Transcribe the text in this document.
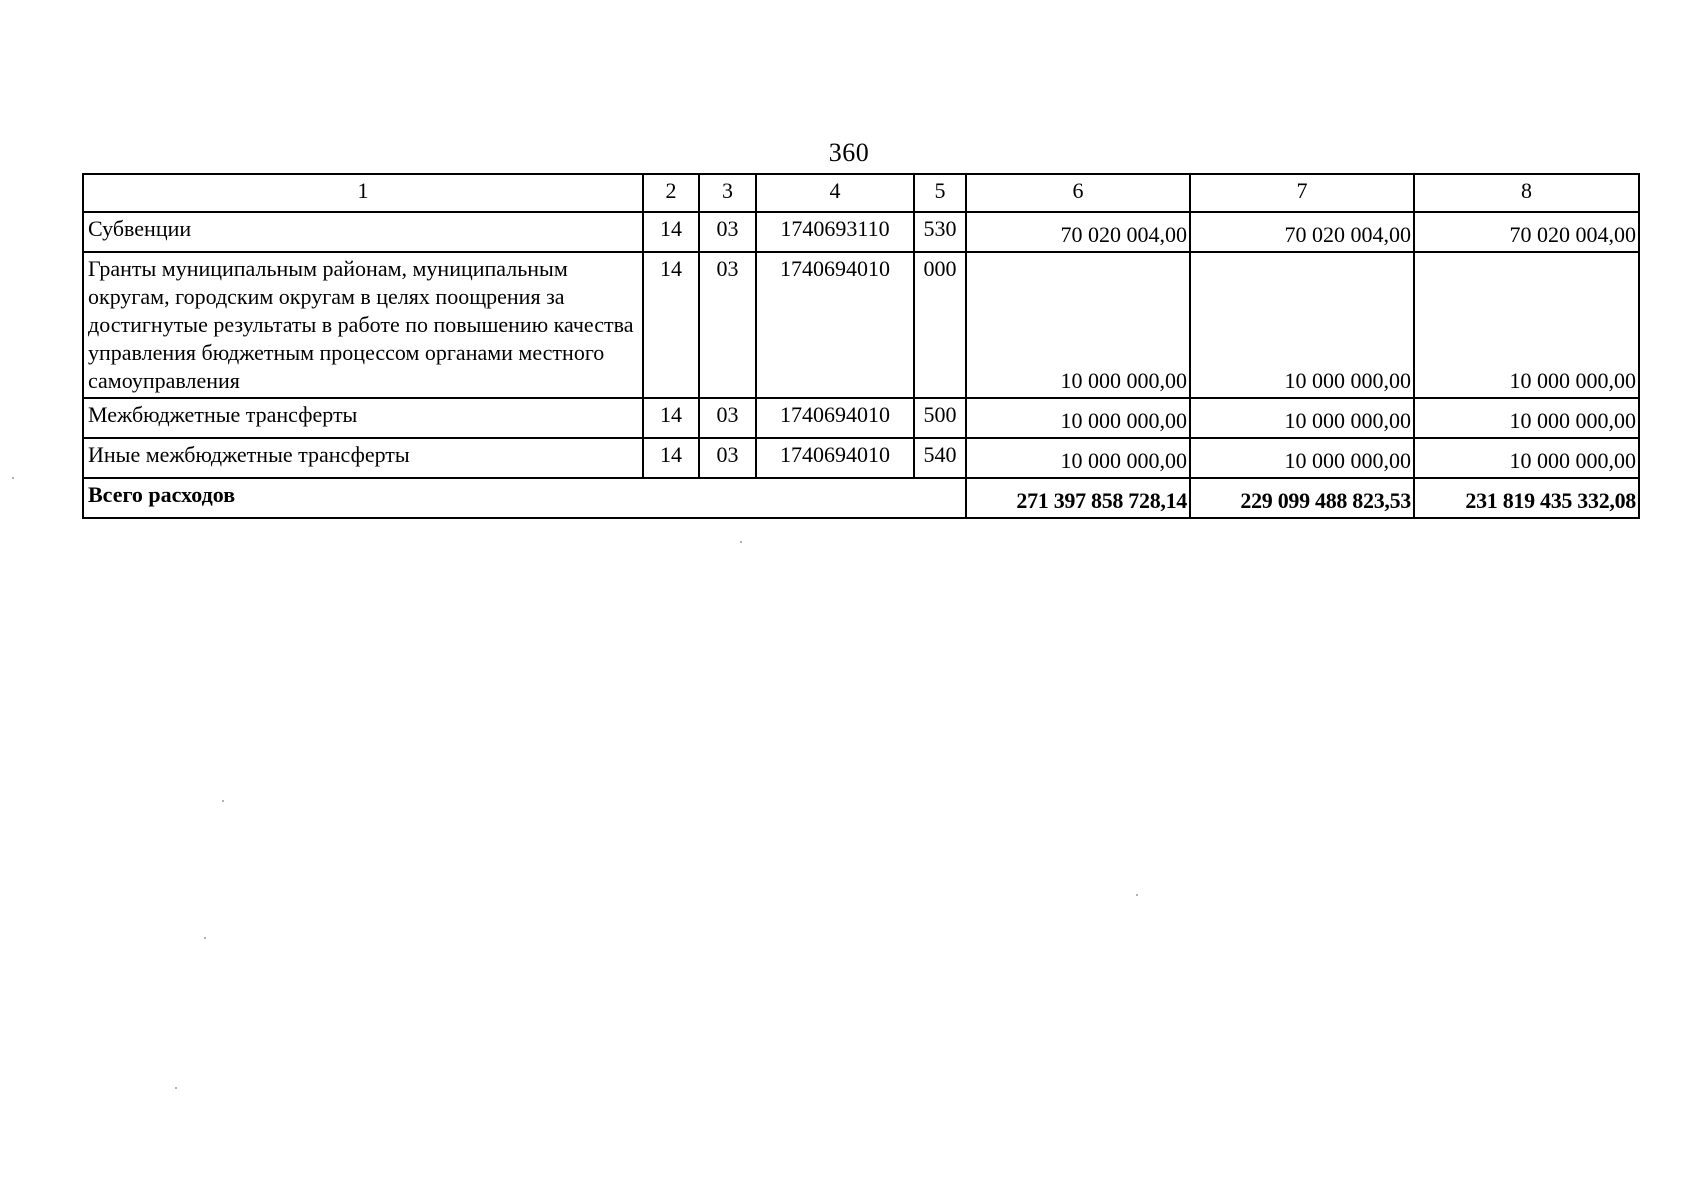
360
1	2	3	4	5	6	7	8
Субвенции	14	03	1740693110	530	70 020 004,00	70 020 004,00	70 020 004,00
Гранты муниципальным районам, муниципальным округам, городским округам в целях поощрения за достигнутые результаты в работе по повышению качества управления бюджетным процессом органами местного самоуправления	14	03	1740694010	000	10 000 000,00	10 000 000,00	10 000 000,00
Межбюджетные трансферты	14	03	1740694010	500	10 000 000,00	10 000 000,00	10 000 000,00
Иные межбюджетные трансферты	14	03	1740694010	540	10 000 000,00	10 000 000,00	10 000 000,00
Всего расходов					271 397 858 728,14	229 099 488 823,53	231 819 435 332,08
